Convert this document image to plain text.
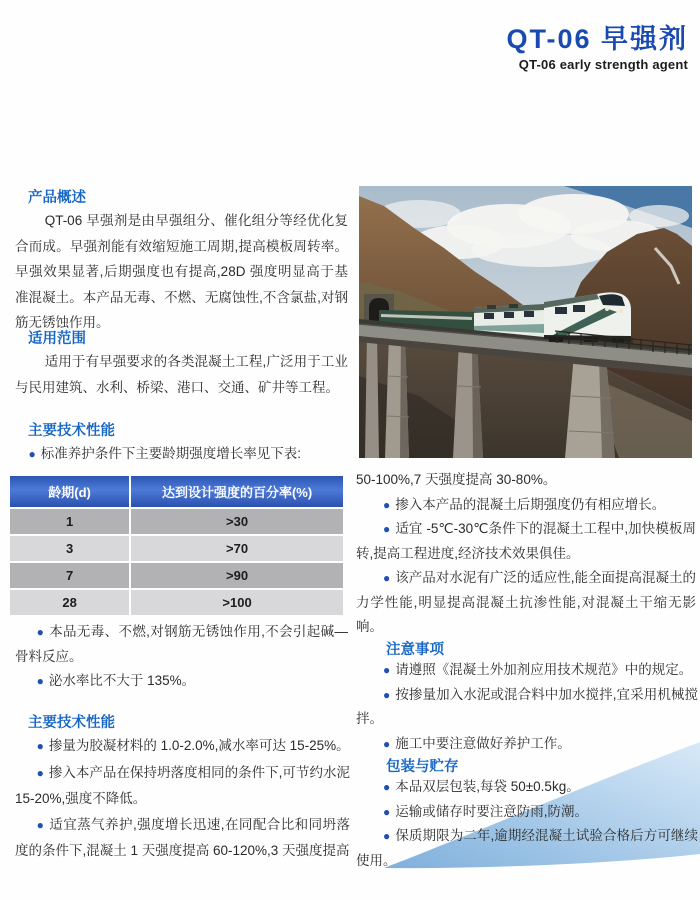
QT-06 早强剂
QT-06 early strength agent
产品概述

QT-06 早强剂是由早强组分、催化组分等经优化复合而成。早强剂能有效缩短施工周期,提高模板周转率。早强效果显著,后期强度也有提高,28D 强度明显高于基准混凝土。本产品无毒、不燃、无腐蚀性,不含氯盐,对钢筋无锈蚀作用。

适用范围

适用于有早强要求的各类混凝土工程,广泛用于工业与民用建筑、水利、桥梁、港口、交通、矿井等工程。

主要技术性能

● 标准养护条件下主要龄期强度增长率见下表:

龄期(d)	达到设计强度的百分率(%)
1	>30
3	>70
7	>90
28	>100

● 本品无毒、不燃,对钢筋无锈蚀作用,不会引起碱—骨料反应。

● 泌水率比不大于 135%。

主要技术性能

● 掺量为胶凝材料的 1.0-2.0%,减水率可达 15-25%。

● 掺入本产品在保持坍落度相同的条件下,可节约水泥 15-20%,强度不降低。

● 适宜蒸气养护,强度增长迅速,在同配合比和同坍落度的条件下,混凝土 1 天强度提高 60-120%,3 天强度提高

50-100%,7 天强度提高 30-80%。

● 掺入本产品的混凝土后期强度仍有相应增长。

● 适宜 -5℃-30℃条件下的混凝土工程中,加快模板周转,提高工程进度,经济技术效果俱佳。

● 该产品对水泥有广泛的适应性,能全面提高混凝土的力学性能,明显提高混凝土抗渗性能,对混凝土干缩无影响。

注意事项

● 请遵照《混凝土外加剂应用技术规范》中的规定。

● 按掺量加入水泥或混合料中加水搅拌,宜采用机械搅拌。

● 施工中要注意做好养护工作。

包装与贮存

● 本品双层包装,每袋 50±0.5kg。

● 运输或储存时要注意防雨,防潮。

● 保质期限为二年,逾期经混凝土试验合格后方可继续使用。
